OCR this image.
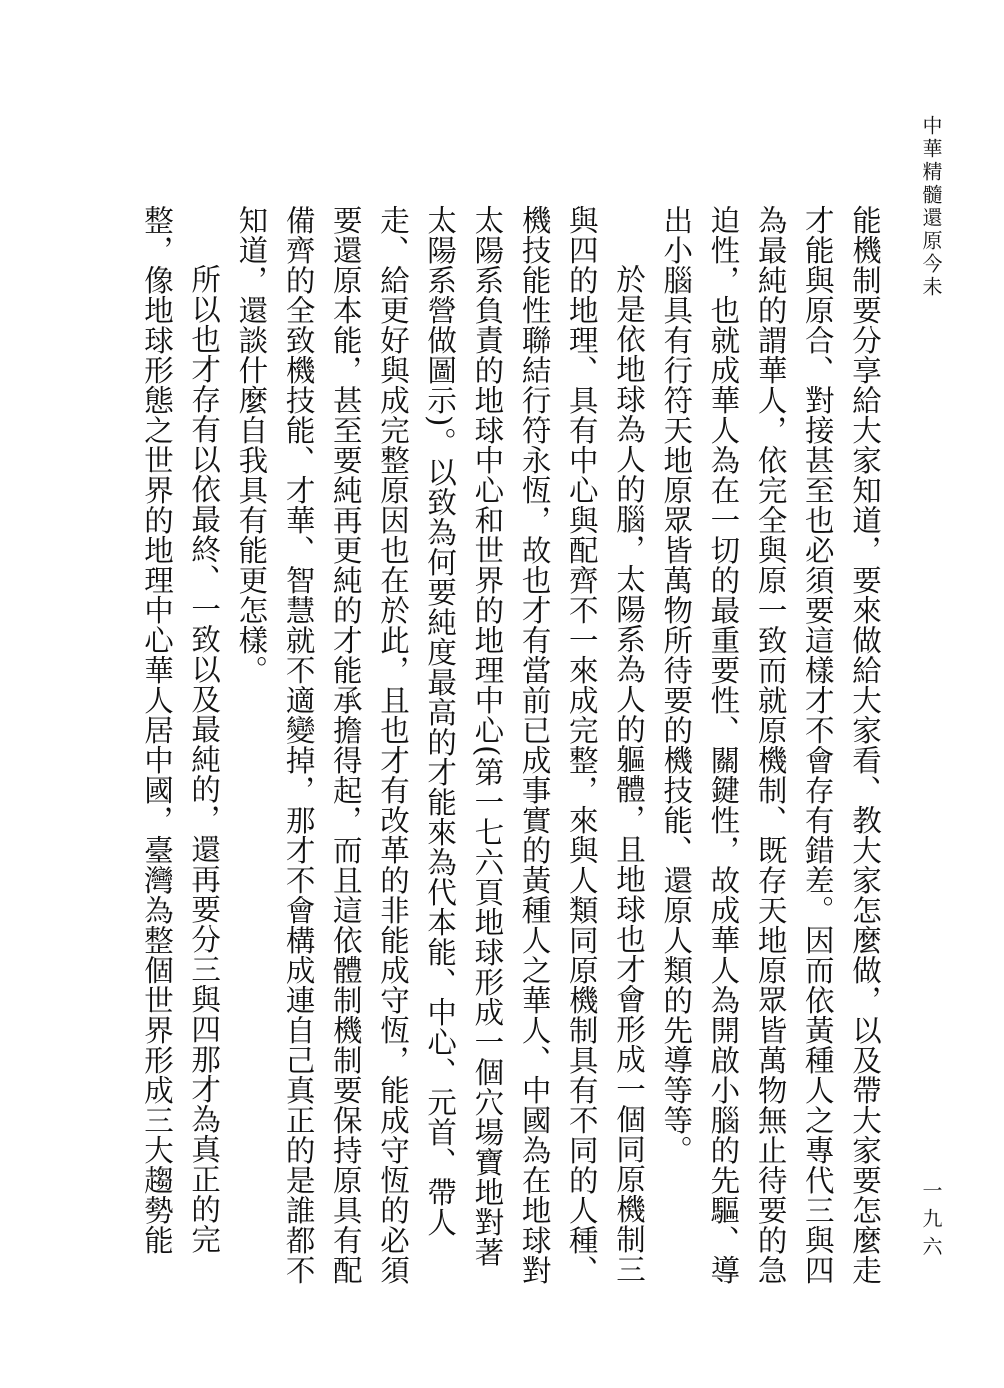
中華精髓還原今未
一九六

能機制要分享給大家知道，要來做給大家看、教大家怎麼做，以及帶大家要怎麼走

才能與原合、對接甚至也必須要這樣才不會存有錯差。因而依黃種人之專代三與四

為最純的謂華人，依完全與原一致而就原機制、既存天地原眾皆萬物無止待要的急

迫性，也就成華人為在一切的最重要性、關鍵性，故成華人為開啟小腦的先驅、導

出小腦具有行符天地原眾皆萬物所待要的機技能、還原人類的先導等等。

於是依地球為人的腦，太陽系為人的軀體，且地球也才會形成一個同原機制三

與四的地理、具有中心與配齊不一來成完整，來與人類同原機制具有不同的人種、

機技能性聯結行符永恆，故也才有當前已成事實的黃種人之華人、中國為在地球對

太陽系負責的地球中心和世界的地理中心(第一七六頁地球形成一個穴場寶地對著

太陽系營做圖示)。以致為何要純度最高的才能來為代本能、中心、元首、帶人

走、給更好與成完整原因也在於此，且也才有改革的非能成守恆，能成守恆的必須

要還原本能，甚至要純再更純的才能承擔得起，而且這依體制機制要保持原具有配

備齊的全致機技能、才華、智慧就不適變掉，那才不會構成連自己真正的是誰都不

知道，還談什麼自我具有能更怎樣。

所以也才存有以依最終、一致以及最純的，還再要分三與四那才為真正的完

整，像地球形態之世界的地理中心華人居中國，臺灣為整個世界形成三大趨勢能
